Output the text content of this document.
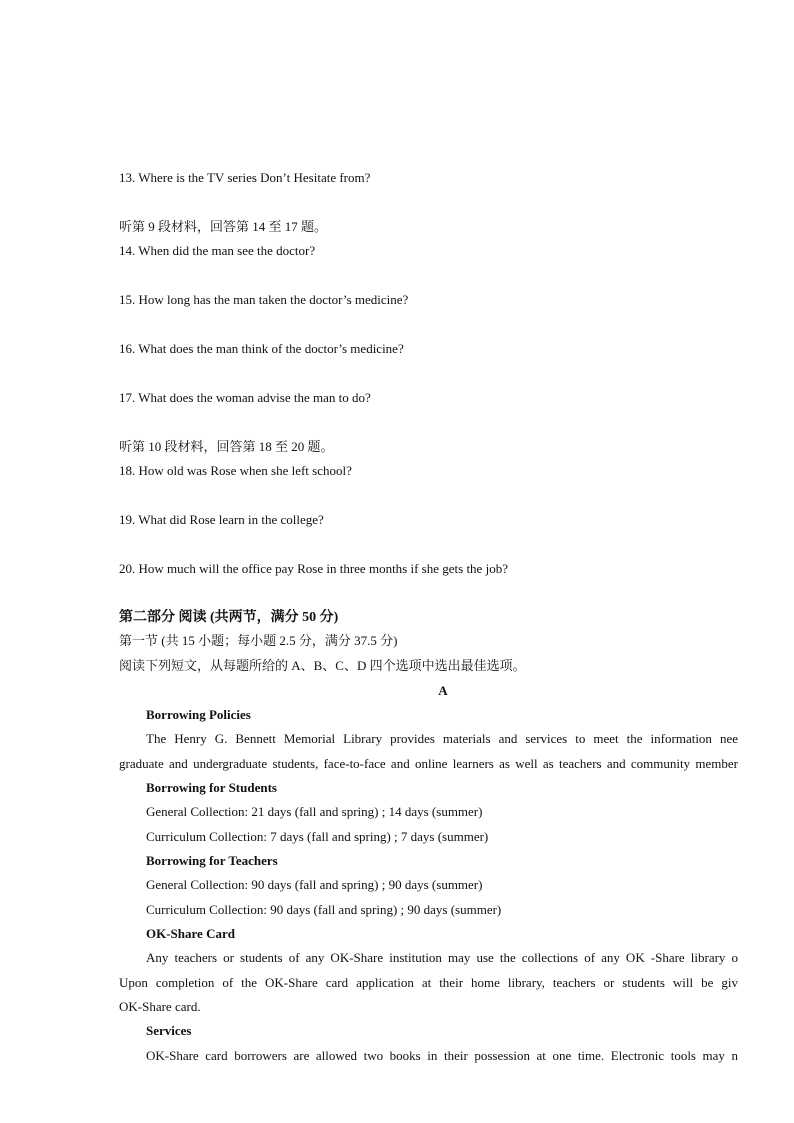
13. Where is the TV series Don’t Hesitate from?
听第 9 段材料，回答第 14 至 17 题。
14. When did the man see the doctor?
15. How long has the man taken the doctor’s medicine?
16. What does the man think of the doctor’s medicine?
17. What does the woman advise the man to do?
听第 10 段材料，回答第 18 至 20 题。
18. How old was Rose when she left school?
19. What did Rose learn in the college?
20. How much will the office pay Rose in three months if she gets the job?
第二部分 阅读 (共两节，满分 50 分)
第一节 (共 15 小题；每小题 2.5 分，满分 37.5 分)
阅读下列短文，从每题所给的 A、B、C、D 四个选项中选出最佳选项。
A
Borrowing Policies
The Henry G. Bennett Memorial Library provides materials and services to meet the information nee
graduate and undergraduate students, face-to-face and online learners as well as teachers and community member
Borrowing for Students
General Collection: 21 days (fall and spring) ; 14 days (summer)
Curriculum Collection: 7 days (fall and spring) ; 7 days (summer)
Borrowing for Teachers
General Collection: 90 days (fall and spring) ; 90 days (summer)
Curriculum Collection: 90 days (fall and spring) ; 90 days (summer)
OK-Share Card
Any teachers or students of any OK-Share institution may use the collections of any OK -Share library o
Upon completion of the OK-Share card application at their home library, teachers or students will be giv
OK-Share card.
Services
OK-Share card borrowers are allowed two books in their possession at one time. Electronic tools may n
